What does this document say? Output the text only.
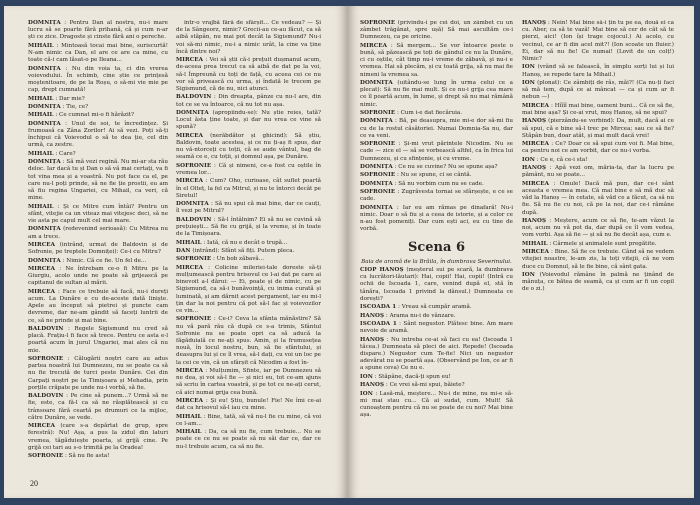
DOMNIȚA : Pentru Dan al nostru, nu-i mare lucru să se poarte fără prihană, că și cum n-ar ști ce zice. Dragoste și cinste fără ani o pereche.

MIHAIL : Mintoasă tocai mai bine, suriscurtă! N-am nimic ca Dan, el are ce are ca mine, cu toate că-i cam lăsat-o pe Ileana...

DOMNIȚA : Nu din voia ta, ci din vrerea voievodului. În schimb, cine știe ce prințesă moștenitoare, de pe la Roșu, o să-mi vie mie pe cap, drept cumnată!

MIHAIL : Dar mie?

DOMNIȚA : Tie, ce?

MIHAIL : Ce cumnat mi-o fi hărăzit?

DOMNIȚA : Unul de soi, te încredințez. Și frumoasă ca Zâna Zorilor! Ai să vezi. Poți să-ți închipui că Voievodul o să te dea ție, cel din urmă, ca zestre.

MIHAIL : Care?

DOMNIȚA : Să mă vezi regină. Nu mi-ar sta rău deloc. Iar dacă tu și Dan o să vă mai certați, va fi tot vina mea și a voastră. Nu pot face ca el, pe care nu-l poți prinde, să ne fie ție prostii, eu am să fiu regina Ungariei, cu Mihail, ca veri, că mine.

MIHAIL : Și ce Mitre cum întâi? Pentru un sfânt, vitejie ca un viteaz mai vitejesc deci, să ne vie asta pe capul mult cel mai mare.

DOMNIȚA (redevenind serioasă): Cu Mitrea nu am a trece.

MIRCEA (intrând, urmat de Baldovin și de Sofronie, pe treptele Domniței): Ce-i cu Mitru?

DOMNIȚA : Nimic. Că ce fie. Un fel de...

MIRCEA : Ne întrebam ce-o fi Mitru pe la Giurgiu, acolo unde ne poate să grijească pe capitanul de sultan al mării.

MIRCEA : Face ce trebuie să facă, nu-i dureți acum. La Dunăre e cu de-aceste dată liniște. Apele au început să pietrei și puncte cam devreme, dar ne-am gândit să faceți luntrii de ce, să ne prinde și mai bine.

BALDOVIN : Regele Sigismund nu cred să placă. Frațiu-l fi face să trece. Pentru ce asta e-l poartă acum în jurul Ungariei, mai ales că nu mie.

SOFRONIE : Călugării noștri care au adus partea noastră lui Dumnezeu, nu se poate ca să nu fie trecută de turci peste Dunăre. Cei din Carpați noștri pe la Timișoara și Mehadia, prin porțile crăpate pe unde nu-i vorbă, să fie.

BALDOVIN : Pe cine să punem...? Urmă să ne fie, este, ca fă-l ca să ne răsplătească și cu trânsoare fără ceartă pe drumuri ce la mijloc, către Dunăre, se vede.

MIRCEA (care s-a depărtat de grup, spre ferestră): Nu! Așa, a pus la zidul din laturi vremea, tăgăduiește poarta, și grijă cine. Pe grijă cei tari au s-o trimită pe la Oradea!

SOFRONIE : Să nu fie asta!

într-o vrajbă fără de sfârșit... Ce vedeau? — Și de la Sângeorz, nimic? Grecii-au ce-au făcut, ca să aibă stăpân, nu mai pot decât la Sigismund? Nu-i voi să-mi nimic, nu-i a nimic urât, la cine va ține încă dintre noi?

MIRCEA : Vei să știi că-i prețuit dușmanul acum, de-aceea prea trecut ca să aibă de dat pe la voi, să-l Împreună cu toți de față, cu aceea cei ce nu vor să privească cu urma, și îndată le trecem pe Sigismund, că de nu, nici atunci.

BALDOVIN : Din dreapta, pânze cu nu-l are, din tot ce se va întoarce, că nu tot nu așa.

DOMNIȚA (apropiindu-se): Nu știe reies, tată? Locul ăsta ține toate, și dar nu vrea ce vine să spună?

MIRCEA (nerăbdător și ghicind): Să știu, Baldovin, toate acestea, și ce nu ți-aș fi spus, dar nu vă-ntorceți cu toții, că se aude vântul, bag de seamă ce e, cu toții, și domnul așa, pe Dunăre.

SOFRONIE : Că și nimeni, ce-a fost cu oștile în vremea lor...

MIRCEA : Cum? Oho, curioase, cât suflet poartă în el Olteț, la fel ca Mitrul, și nu te întorci decât pe Siretul!

DOMNIȚA : Să nu spui că mai bine, dar ce cauți, îl vezi pe Mitrul?

BALDOVIN : Să-l întâlnim? Ei să nu se cuvină să prețuiești... Să fie cu grijă, și la vreme, și în toate de la Timișoara.

MIHAIL : Iată, că nu e decât o trupă...

DAN (intrând): Sfânt să fiți. Putem pleca.

SOFRONIE : Un bob zăbavă...

MIRCEA : Colicine mileriei-tale doreste să-ți mulțumească pentru hrisovul ce l-ai dat pe care ai binevoit a-l dărui: — Ei, poate și de nimic, cu pe Sigismund, ca să-i bunăvoință, cu inima curată și luminată, și am dărnit acest pergament, iar eu mi-l țin dar la noi pentru că pot să-l fac și voievozilor ce vin...

SOFRONIE : Ce-i? Ceva la sfânta mănăstire? Să nu vă pară rău că după ce s-a trimis, Sfântul Sofronie nu se poate opri ca să aducă la făgăduială ce ne-ați spus. Amin, și la frumusețea nouă, în locul nostru, bun, să fie sfântului, și deasupra lui și ce îl vrea, să-l dați, cu voi un loc pe la cei ce vin, că un sfârșit că Nicodim a fost în-

MIRCEA : Mulțumim, Sfinte, iar pe Dumnezeu să ne dea, și voi să-l fie — și nici eu, tot ce-am ajuns să scriu în cartea voastră, și pe tot ce ne-ați cerut, că aici numai grija cea bună.

MIRCEA : Și eu! Știu, bunule! Fie! Ne îmi ce-ai dat ca hrisovul să-l iau cu mine.

MIHAIL : Bine, tată, să vă nu-l fie cu mine, că voi ce l-am...

MIHAIL : Da, ca să nu fie, cum trebuie... Nu se poate ce ce nu se poate să nu săi dar ce, dar ce nu-l trebuie acum, ca să nu fie.

20

SOFRONIE (privindu-i pe cei doi, un zâmbet cu un zâmbet trăgănat, spre ușă) Să mai ascultăm ce-i Dumnezeu, ca pe oricine.

MIRCEA : Să mergem... Se vor întoarce peste o bună, să păzească pe toți de gândul ce nu la Dunăre, ci cu oștile, cât timp nu-i vreme de zăbavă, și nu-i e vremea. Hai să plecăm, și cu toată grija, să nu mai fie nimeni la vremea sa.

DOMNIȚA (uitându-se lung în urma celui ce a plecat): Să nu fie mai mult. Și ce nu-i grija cea mare ce îl poartă acum, în lume, și drept să nu mai rămână nimic.

SOFRONIE : Cum i-e dat fiecăruia.

DOMNIȚA : Bă, pe deasupra, mie mi-e dor să-mi fiu cu de la rostul căsătoriei. Numai Domnia-Sa nu, dar ce va veni.

SOFRONIE : Și-mi vrut părintele Nicodim. Nu se cade — zice el — să se vorbească altfel, ca în frica lui Dumnezeu, și cu sfințenie, și cu vreme.

DOMNIȚA : Ce nu se cuvine? Nu se spune așa?

SOFRONIE : Nu se spune, ci se cântă.

DOMNIȚA : Să nu vorbim cum nu se cade.

SOFRONIE : Zugrăvesta tornai se sfârșește, e ce se cade.

DOMNIȚA : Iar eu am rămas pe dinafară! Nu-i nimic. Doar o să fiu și a ceea de istorie, și a celor ce n-au fost pomeniți. Dar cum ești aci, eu cu tine de vorbă.

Scena 6

Baia de aramă de la Brăila, în dumbrava Severinului.

CIOP HANOȘ (meșterul sui pe scară, la dumbrava cu lucrători-lăutari): Hai, copii! Hai, copii! (Intră cu ochii de Iscoada 1, care, venind după el, stă în tânăra, Iscoada 1 privind la dânsul.) Dumneata ce dorești?

ISCOADA 1 : Vreau să cumpăr aramă.

HANOȘ : Arama nu-i de vânzare.

ISCOADA 1 : Sânt negustor. Plătesc bine. Am mare nevoie de aramă.

HANOȘ : Nu intreba ce-ai să faci cu ea! (Iscoada 1 tăcea.) Dumneata să pleci de aici. Repede! (Iscoada dispare.) Negustor cum Te-fie! Nici un negustor adevărat nu se poartă așa. (Observând pe Ion, ce ar fi a spune ceva) Ce nu e.

ION : Stăpâne, dacă-ți spun eu!

HANOȘ : Ce vrei să-mi spui, băiete?

ION : Lasă-mă, meștere... Nu-i de mine, nu mi-e să-mi mai stau cu... Că ai sudat, cum. Mult! Să cunoaștem pentru că nu se poate de cu noi? Mai bine așa.

HANOȘ : Nein! Mai bine să-i țin tu pe ea, două ei ca cu. Aber, ca să te vază! Mai bine să cer de cât să te pierzi, aici! (Ion își trage cojocul.) Ai acolo, cu vecinul, ce ar fi din acel mit?! (Ion scoate un fluier.) Ei, dar să nu fie! Ce numai! (Lovit de un colț!) Nimic?

ION (vrând să se falească, în simplu sorți lui și lui Hanoș, se repede tare la Mihail.)

ION (plonat): Ce zâmbiți de râs, măi?! (Ca nu-ți faci să mă tem, după ce ai mâncat — ca și cum ar fi nebun —)

MIRCEA : Hîîîî mai bine, oameni buni... Că ce să fie, mai bine așa? Și ce-ai vrut, moș Hanoș, să ne spui?

HANOȘ (pierzându-se vorbind): Da, mult, dacă ai ce să spui, că e bine să-l trec pe Mircea; sau ce să fie? Stăpân bun, doar atât, și mai mult dacă vrei!

MIRCEA : Ce? Doar ce să spui cum voi fi. Mai bine, ca pentru noi ce am vorbit, dar ce nu-i vorba.

ION : Ce e, că ce-i sta!

HANOȘ : Apă vezi om, măria-ta, dar la lucru pe pământ, nu se poate...

MIRCEA : Omule! Dacă mă pun, dar ce-i sânt aceasta e vremea mea. Că mai bine e să mă duc să văd la Hanoș — în cetate, să văd ce a făcut, ca să nu fie. Să nu fie cu noi, că pe la noi, dar ce-i rămâne după.

HANOȘ : Meștere, acum ce să fie, te-am văzut la noi, acum nu vă pot da, dar după ce îl vom vedea, vom vorbi. Așa să fie — și să nu fie decât așa, cum e.

MIHAIL : Cârmele și animalele sunt pregătite.

MIRCEA : Bine. Să fie ce trebuie. Când să ne vedem vitejiei noastre, le-am zis, la toți vitejii, că ne vom duce cu Domnul, să le fie bine, că sânt gata.

ION (Voievodul rămâne în palmă ne ținând de mânuța, ce bătea de seamă, ca și cum ar fi un copil de o zi.)
